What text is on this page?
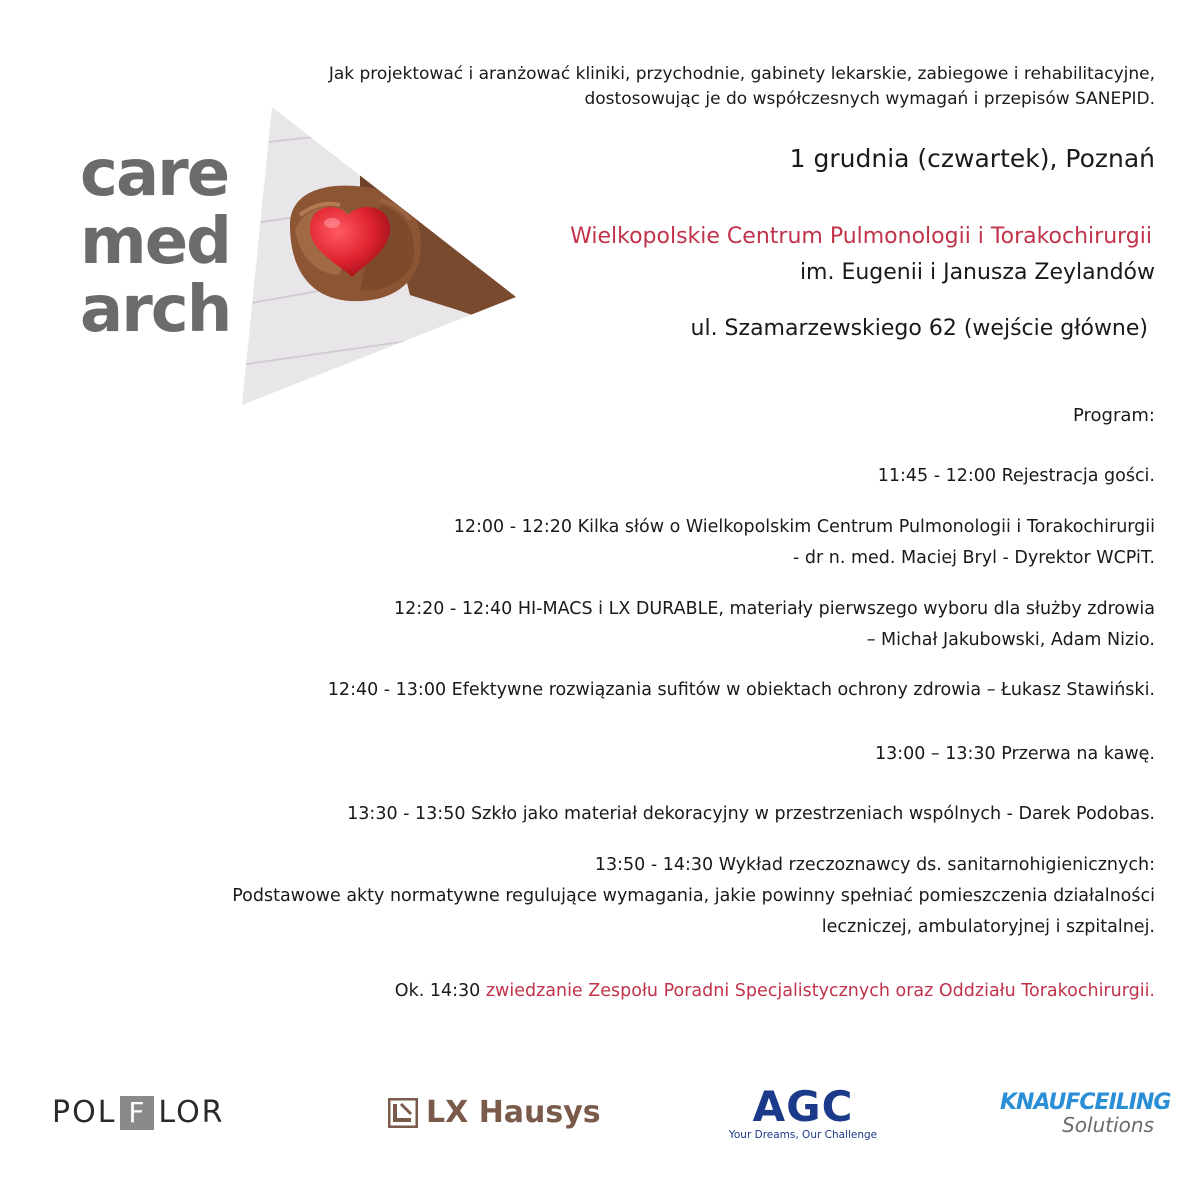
Jak projektować i aranżować kliniki, przychodnie, gabinety lekarskie, zabiegowe i rehabilitacyjne,
dostosowując je do współczesnych wymagań i przepisów SANEPID.
care
med
arch
1 grudnia (czwartek), Poznań
Wielkopolskie Centrum Pulmonologii i Torakochirurgii
im. Eugenii i Janusza Zeylandów
ul. Szamarzewskiego 62 (wejście główne)
Program:
11:45 - 12:00 Rejestracja gości.
12:00 - 12:20 Kilka słów o Wielkopolskim Centrum Pulmonologii i Torakochirurgii
- dr n. med. Maciej Bryl - Dyrektor WCPiT.
12:20 - 12:40 HI-MACS i LX DURABLE, materiały pierwszego wyboru dla służby zdrowia
– Michał Jakubowski, Adam Nizio.
12:40 - 13:00 Efektywne rozwiązania sufitów w obiektach ochrony zdrowia – Łukasz Stawiński.
13:00 – 13:30 Przerwa na kawę.
13:30 - 13:50 Szkło jako materiał dekoracyjny w przestrzeniach wspólnych - Darek Podobas.
13:50 - 14:30 Wykład rzeczoznawcy ds. sanitarnohigienicznych:
Podstawowe akty normatywne regulujące wymagania, jakie powinny spełniać pomieszczenia działalności
leczniczej, ambulatoryjnej i szpitalnej.
Ok. 14:30 zwiedzanie Zespołu Poradni Specjalistycznych oraz Oddziału Torakochirurgii.
POL F LOR	LX Hausys	AGC
Your Dreams, Our Challenge
KNAUFCEILING
Solutions
